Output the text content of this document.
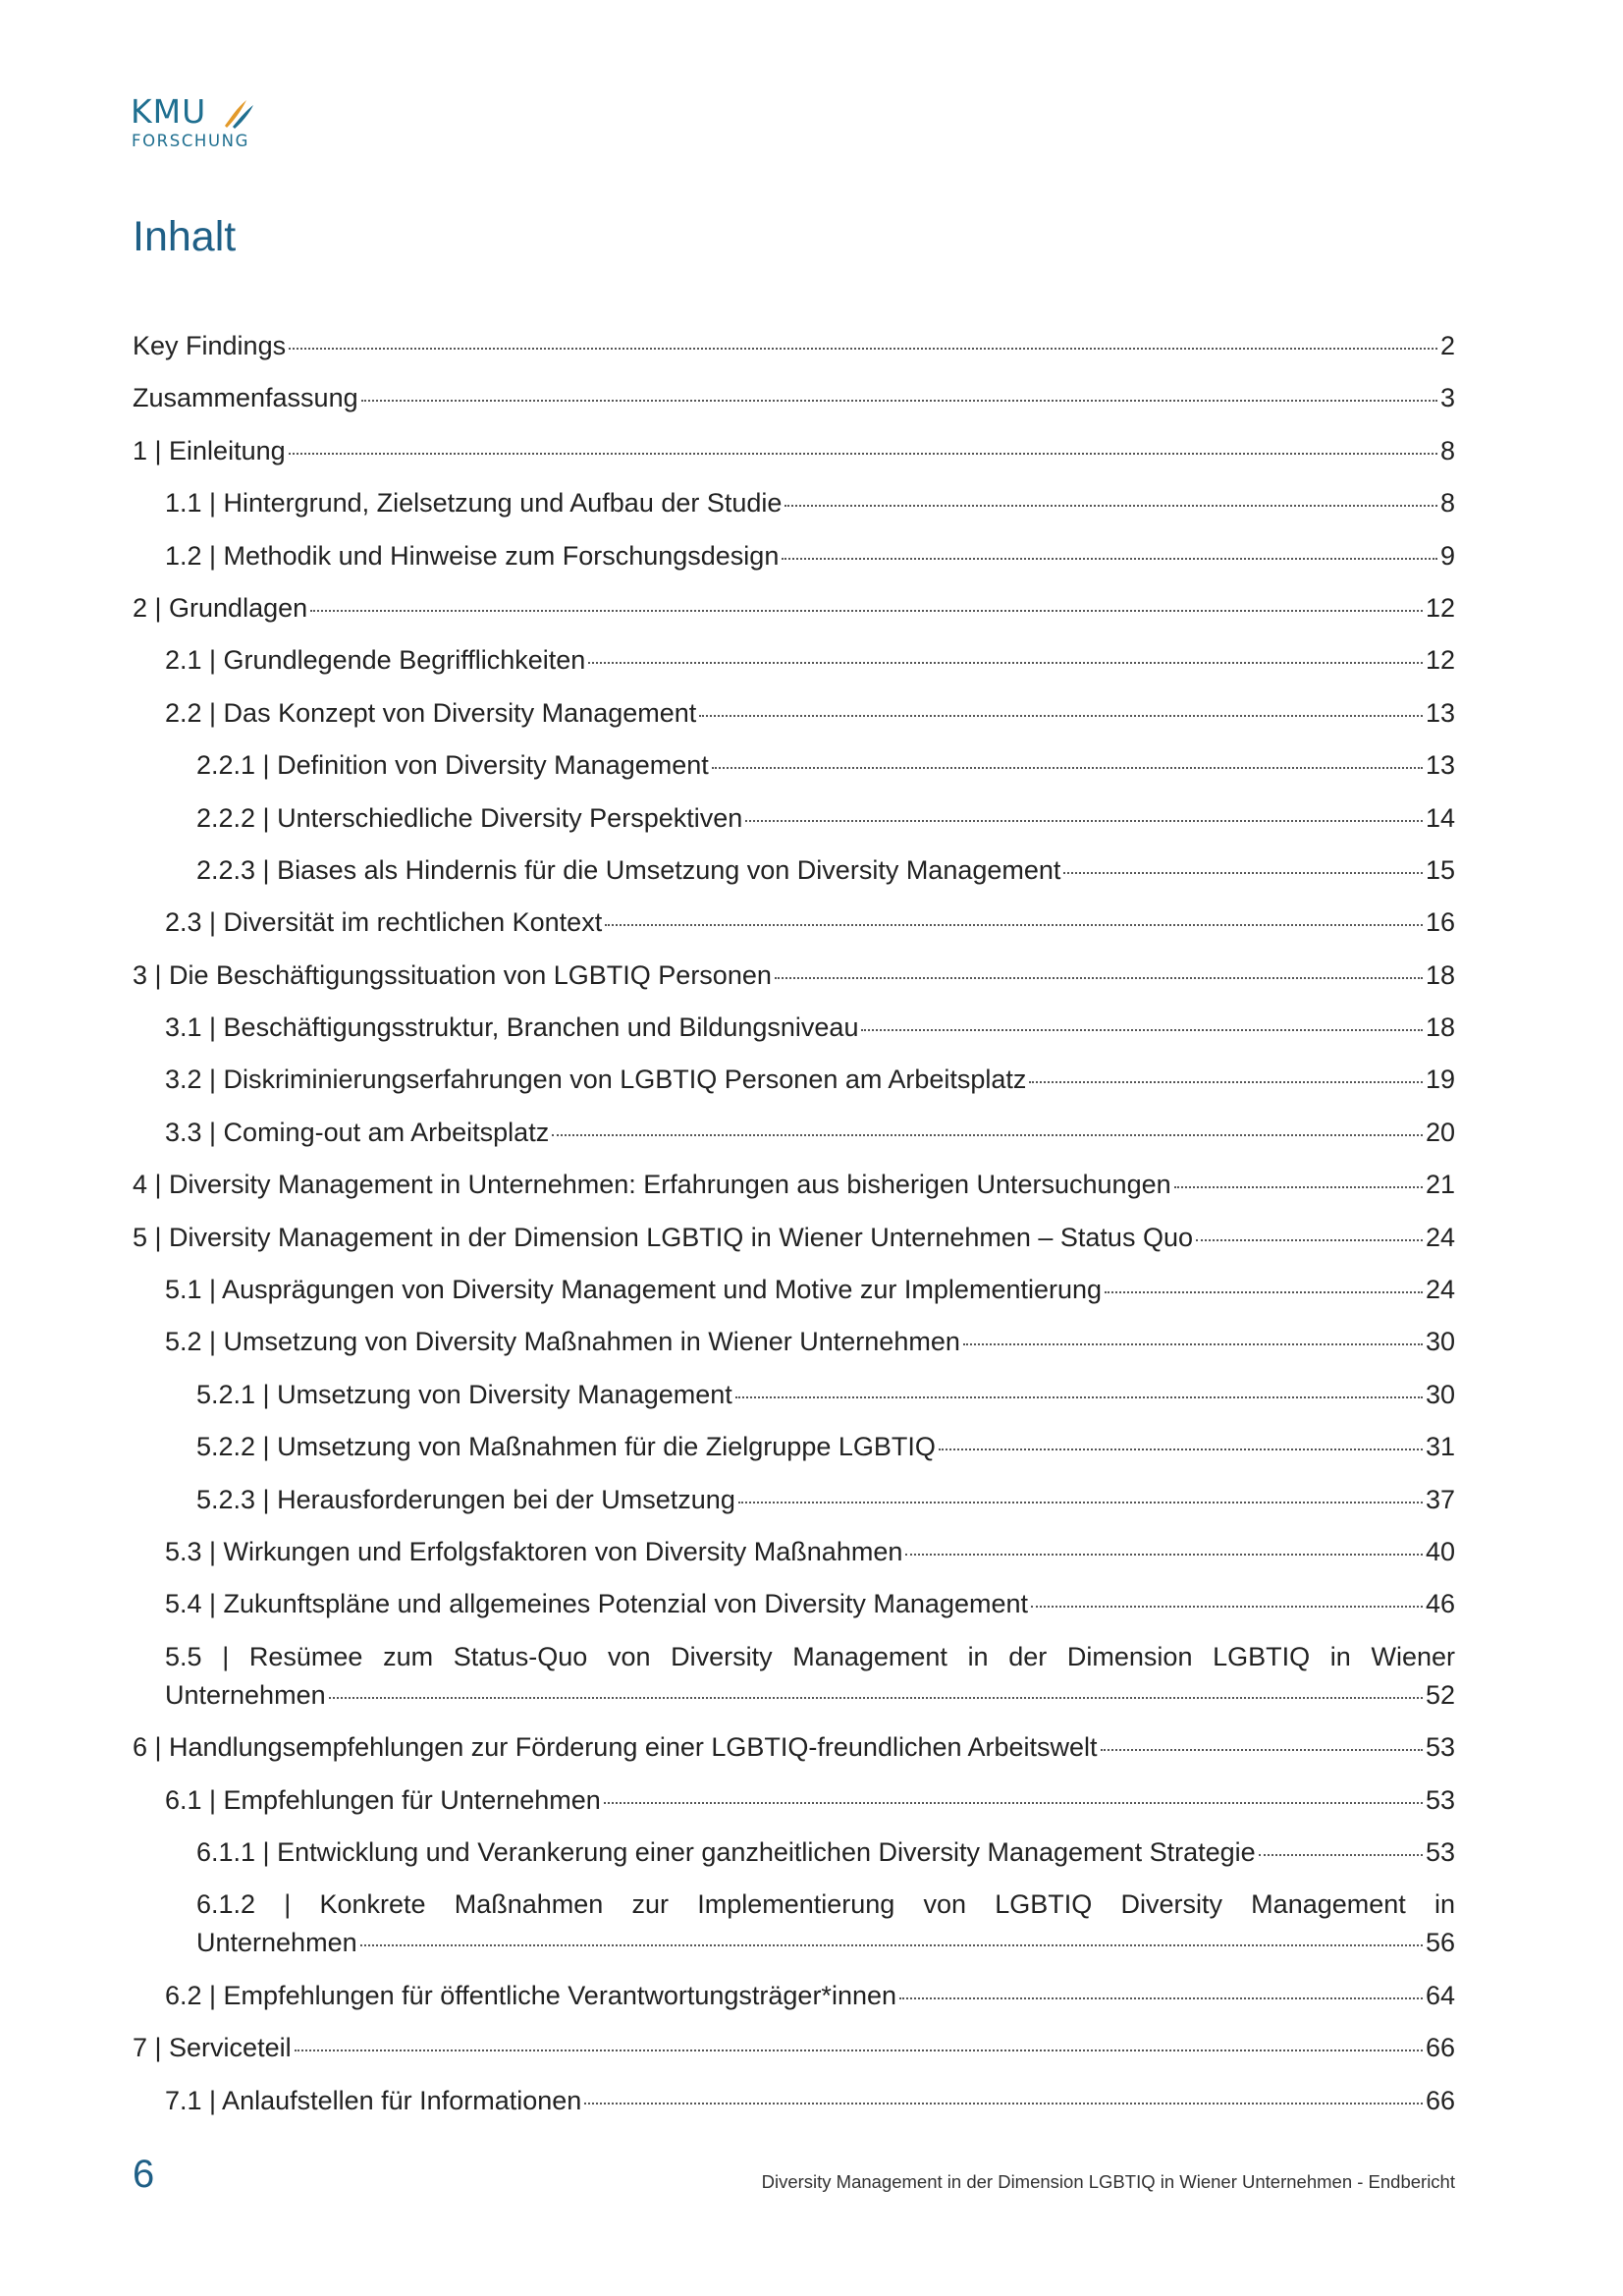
KMU
FORSCHUNG
Inhalt
Key Findings	2
Zusammenfassung	3
1 | Einleitung	8
1.1 | Hintergrund, Zielsetzung und Aufbau der Studie	8
1.2 | Methodik und Hinweise zum Forschungsdesign	9
2 | Grundlagen	12
2.1 | Grundlegende Begrifflichkeiten	12
2.2 | Das Konzept von Diversity Management	13
2.2.1 | Definition von Diversity Management	13
2.2.2 | Unterschiedliche Diversity Perspektiven	14
2.2.3 | Biases als Hindernis für die Umsetzung von Diversity Management	15
2.3 | Diversität im rechtlichen Kontext	16
3 | Die Beschäftigungssituation von LGBTIQ Personen	18
3.1 | Beschäftigungsstruktur, Branchen und Bildungsniveau	18
3.2 | Diskriminierungserfahrungen von LGBTIQ Personen am Arbeitsplatz	19
3.3 | Coming-out am Arbeitsplatz	20
4 | Diversity Management in Unternehmen: Erfahrungen aus bisherigen Untersuchungen	21
5 | Diversity Management in der Dimension LGBTIQ in Wiener Unternehmen – Status Quo	24
5.1 | Ausprägungen von Diversity Management und Motive zur Implementierung	24
5.2 | Umsetzung von Diversity Maßnahmen in Wiener Unternehmen	30
5.2.1 | Umsetzung von Diversity Management	30
5.2.2 | Umsetzung von Maßnahmen für die Zielgruppe LGBTIQ	31
5.2.3 | Herausforderungen bei der Umsetzung	37
5.3 | Wirkungen und Erfolgsfaktoren von Diversity Maßnahmen	40
5.4 | Zukunftspläne und allgemeines Potenzial von Diversity Management	46
5.5 | Resümee zum Status-Quo von Diversity Management in der Dimension LGBTIQ in Wiener
Unternehmen	52
6 | Handlungsempfehlungen zur Förderung einer LGBTIQ-freundlichen Arbeitswelt	53
6.1 | Empfehlungen für Unternehmen	53
6.1.1 | Entwicklung und Verankerung einer ganzheitlichen Diversity Management Strategie	53
6.1.2 | Konkrete Maßnahmen zur Implementierung von LGBTIQ Diversity Management in
Unternehmen	56
6.2 | Empfehlungen für öffentliche Verantwortungsträger*innen	64
7 | Serviceteil	66
7.1 | Anlaufstellen für Informationen	66
6	Diversity Management in der Dimension LGBTIQ in Wiener Unternehmen - Endbericht
